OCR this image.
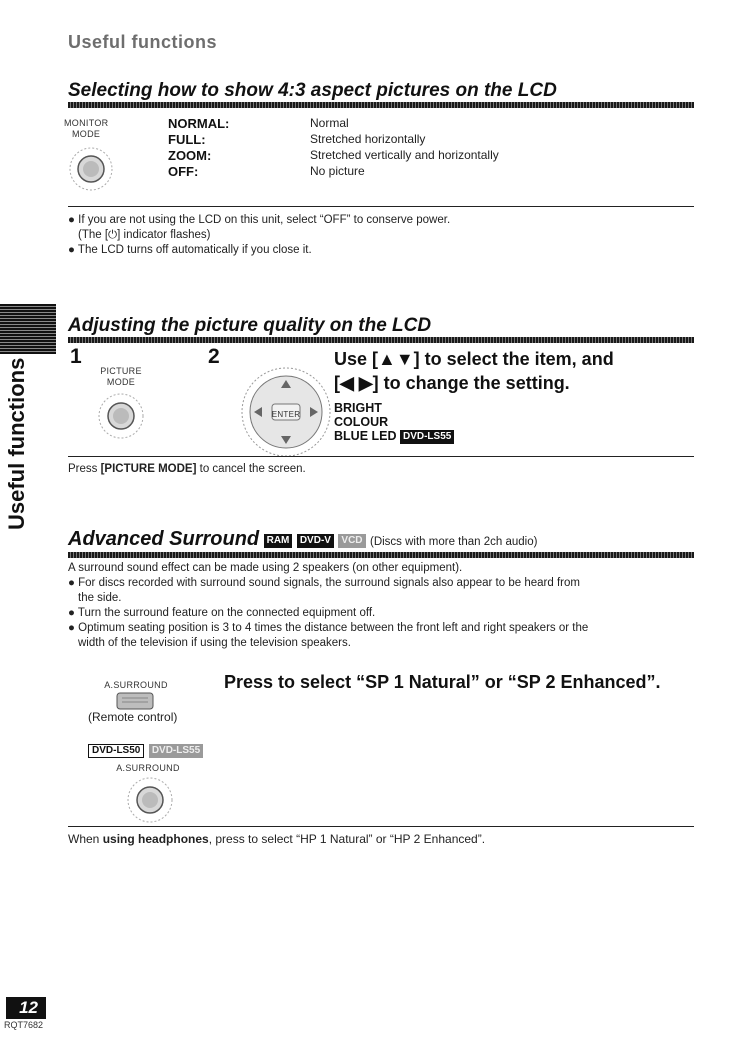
Useful functions
Useful functions
Selecting how to show 4:3 aspect pictures on the LCD
MONITOR
MODE
NORMAL:
FULL:
ZOOM:
OFF:
Normal
Stretched horizontally
Stretched vertically and horizontally
No picture
● If you are not using the LCD on this unit, select “OFF” to conserve power.
(The [⏻] indicator flashes)
● The LCD turns off automatically if you close it.
Adjusting the picture quality on the LCD
1
PICTURE
MODE
2
ENTER
Use [▲▼] to select the item, and
[◀ ▶] to change the setting.
BRIGHT
COLOUR
BLUE LED DVD-LS55
Press [PICTURE MODE] to cancel the screen.
Advanced Surround RAM DVD-V VCD (Discs with more than 2ch audio)
A surround sound effect can be made using 2 speakers (on other equipment).
● For discs recorded with surround sound signals, the surround signals also appear to be heard from
the side.
● Turn the surround feature on the connected equipment off.
● Optimum seating position is 3 to 4 times the distance between the front left and right speakers or the
width of the television if using the television speakers.
A.SURROUND
(Remote control)
Press to select “SP 1 Natural” or “SP 2 Enhanced”.
DVD-LS50 DVD-LS55
A.SURROUND
When using headphones, press to select “HP 1 Natural” or “HP 2 Enhanced”.
12
RQT7682
